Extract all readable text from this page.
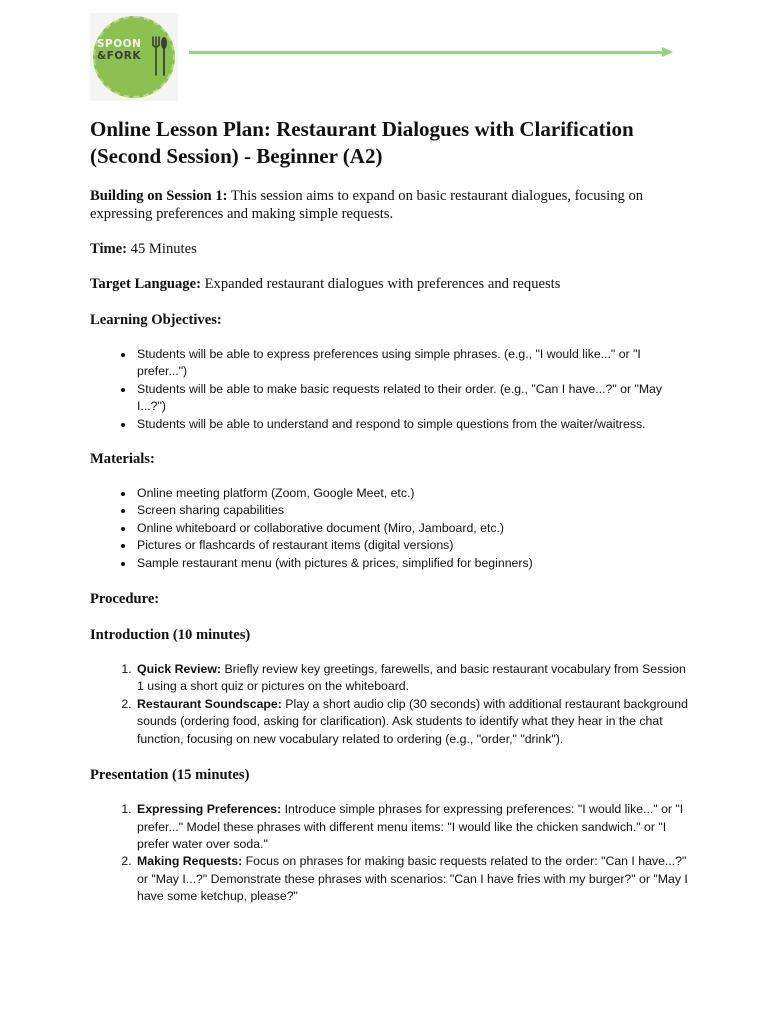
SPOON
&FORK
Online Lesson Plan: Restaurant Dialogues with Clarification (Second Session) - Beginner (A2)

Building on Session 1: This session aims to expand on basic restaurant dialogues, focusing on expressing preferences and making simple requests.

Time: 45 Minutes

Target Language: Expanded restaurant dialogues with preferences and requests

Learning Objectives:

• Students will be able to express preferences using simple phrases. (e.g., "I would like..." or "I prefer...")
• Students will be able to make basic requests related to their order. (e.g., "Can I have...?" or "May I...?")
• Students will be able to understand and respond to simple questions from the waiter/waitress.

Materials:

• Online meeting platform (Zoom, Google Meet, etc.)
• Screen sharing capabilities
• Online whiteboard or collaborative document (Miro, Jamboard, etc.)
• Pictures or flashcards of restaurant items (digital versions)
• Sample restaurant menu (with pictures & prices, simplified for beginners)

Procedure:

Introduction (10 minutes)

1. Quick Review: Briefly review key greetings, farewells, and basic restaurant vocabulary from Session 1 using a short quiz or pictures on the whiteboard.
2. Restaurant Soundscape: Play a short audio clip (30 seconds) with additional restaurant background sounds (ordering food, asking for clarification). Ask students to identify what they hear in the chat function, focusing on new vocabulary related to ordering (e.g., "order," "drink").

Presentation (15 minutes)

1. Expressing Preferences: Introduce simple phrases for expressing preferences: "I would like..." or "I prefer..." Model these phrases with different menu items: "I would like the chicken sandwich." or "I prefer water over soda."
2. Making Requests: Focus on phrases for making basic requests related to the order: "Can I have...?" or "May I...?" Demonstrate these phrases with scenarios: "Can I have fries with my burger?" or "May I have some ketchup, please?"
